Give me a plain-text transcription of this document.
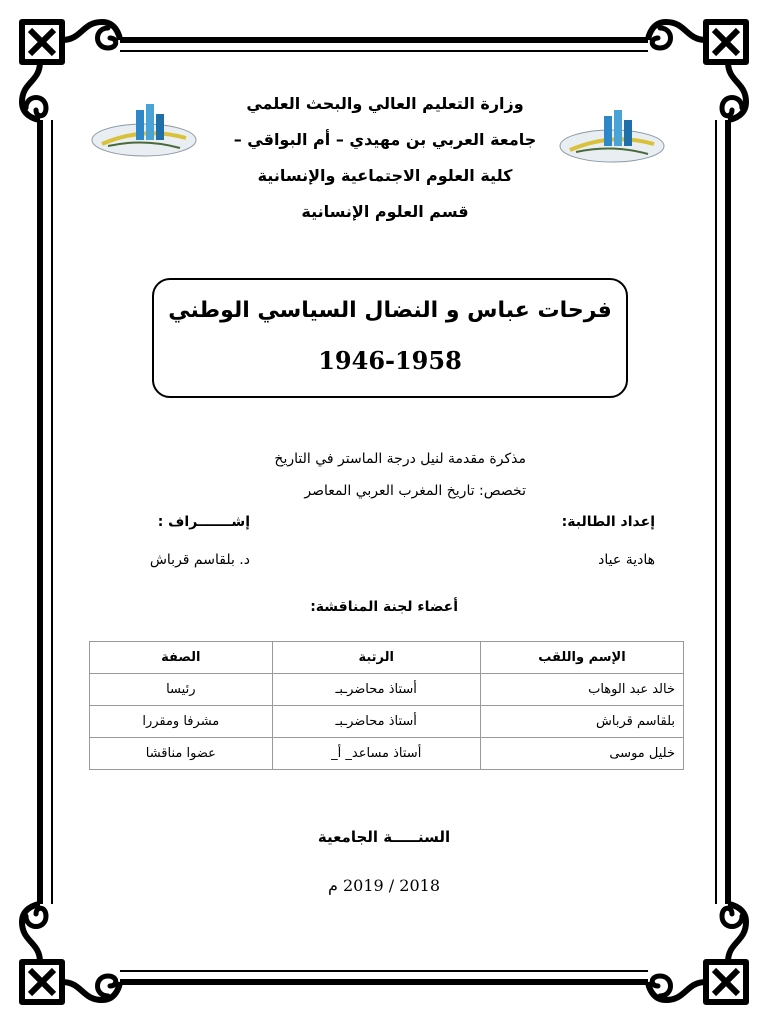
وزارة التعليم العالي والبحث العلمي
جامعة العربي بن مهيدي – أم البواقي –
كلية العلوم الاجتماعية والإنسانية
قسم العلوم الإنسانية
فرحات عباس و النضال السياسي الوطني
1946-1958
مذكرة مقدمة لنيل درجة الماستر في التاريخ
تخصص: تاريخ المغرب العربي المعاصر
إعداد الطالبة:
إشـــــــراف :
هادية عياد
د. بلقاسم قرباش
أعضاء لجنة المناقشة:
الإسم واللقب	الرتبة	الصفة
خالد عبد الوهاب	أستاذ محاضرـبـ	رئيسا
بلقاسم قرباش	أستاذ محاضرـبـ	مشرفا ومقررا
خليل موسى	أستاذ مساعد_ أ_	عضوا مناقشا
السنـــــة الجامعية
2018 / 2019 م
